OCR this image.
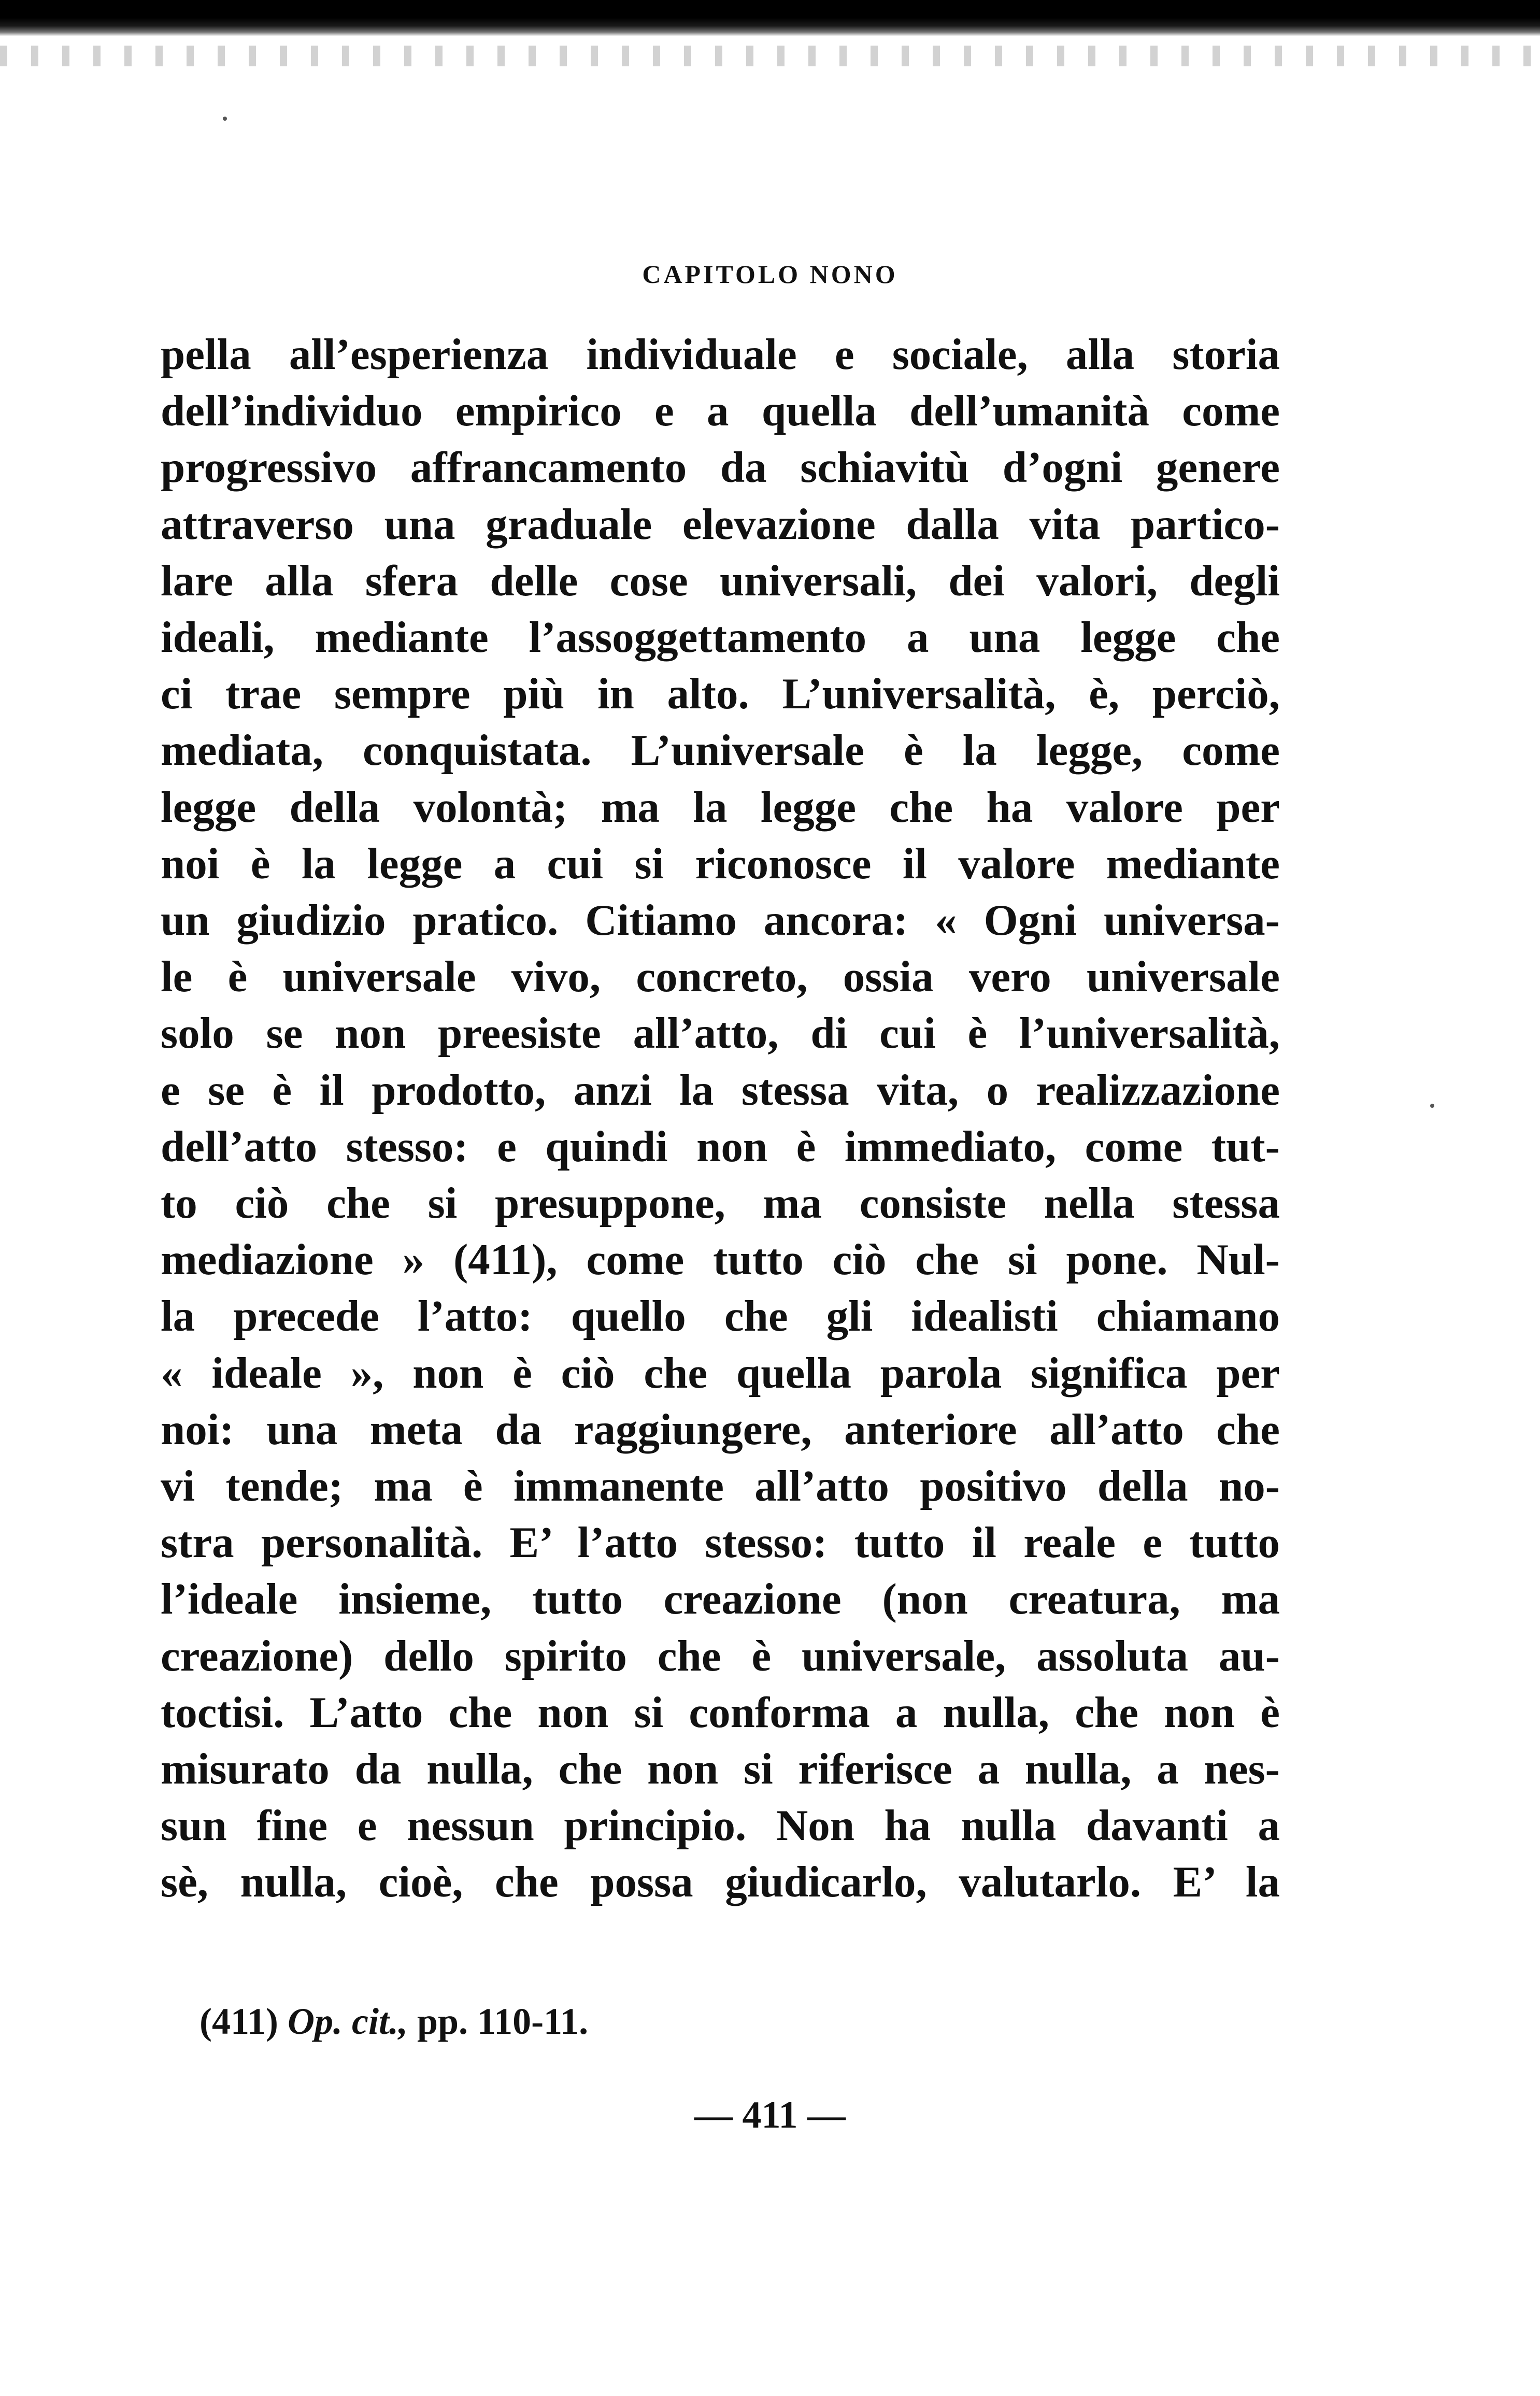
CAPITOLO NONO
pella all’esperienza individuale e sociale, alla storia
dell’individuo empirico e a quella dell’umanità come
progressivo affrancamento da schiavitù d’ogni genere
attraverso una graduale elevazione dalla vita partico-
lare alla sfera delle cose universali, dei valori, degli
ideali, mediante l’assoggettamento a una legge che
ci trae sempre più in alto. L’universalità, è, perciò,
mediata, conquistata. L’universale è la legge, come
legge della volontà; ma la legge che ha valore per
noi è la legge a cui si riconosce il valore mediante
un giudizio pratico. Citiamo ancora: « Ogni universa-
le è universale vivo, concreto, ossia vero universale
solo se non preesiste all’atto, di cui è l’universalità,
e se è il prodotto, anzi la stessa vita, o realizzazione
dell’atto stesso: e quindi non è immediato, come tut-
to ciò che si presuppone, ma consiste nella stessa
mediazione » (411), come tutto ciò che si pone. Nul-
la precede l’atto: quello che gli idealisti chiamano
« ideale », non è ciò che quella parola significa per
noi: una meta da raggiungere, anteriore all’atto che
vi tende; ma è immanente all’atto positivo della no-
stra personalità. E’ l’atto stesso: tutto il reale e tutto
l’ideale insieme, tutto creazione (non creatura, ma
creazione) dello spirito che è universale, assoluta au-
toctisi. L’atto che non si conforma a nulla, che non è
misurato da nulla, che non si riferisce a nulla, a nes-
sun fine e nessun principio. Non ha nulla davanti a
sè, nulla, cioè, che possa giudicarlo, valutarlo. E’ la
(411) Op. cit., pp. 110-11.
— 411 —
